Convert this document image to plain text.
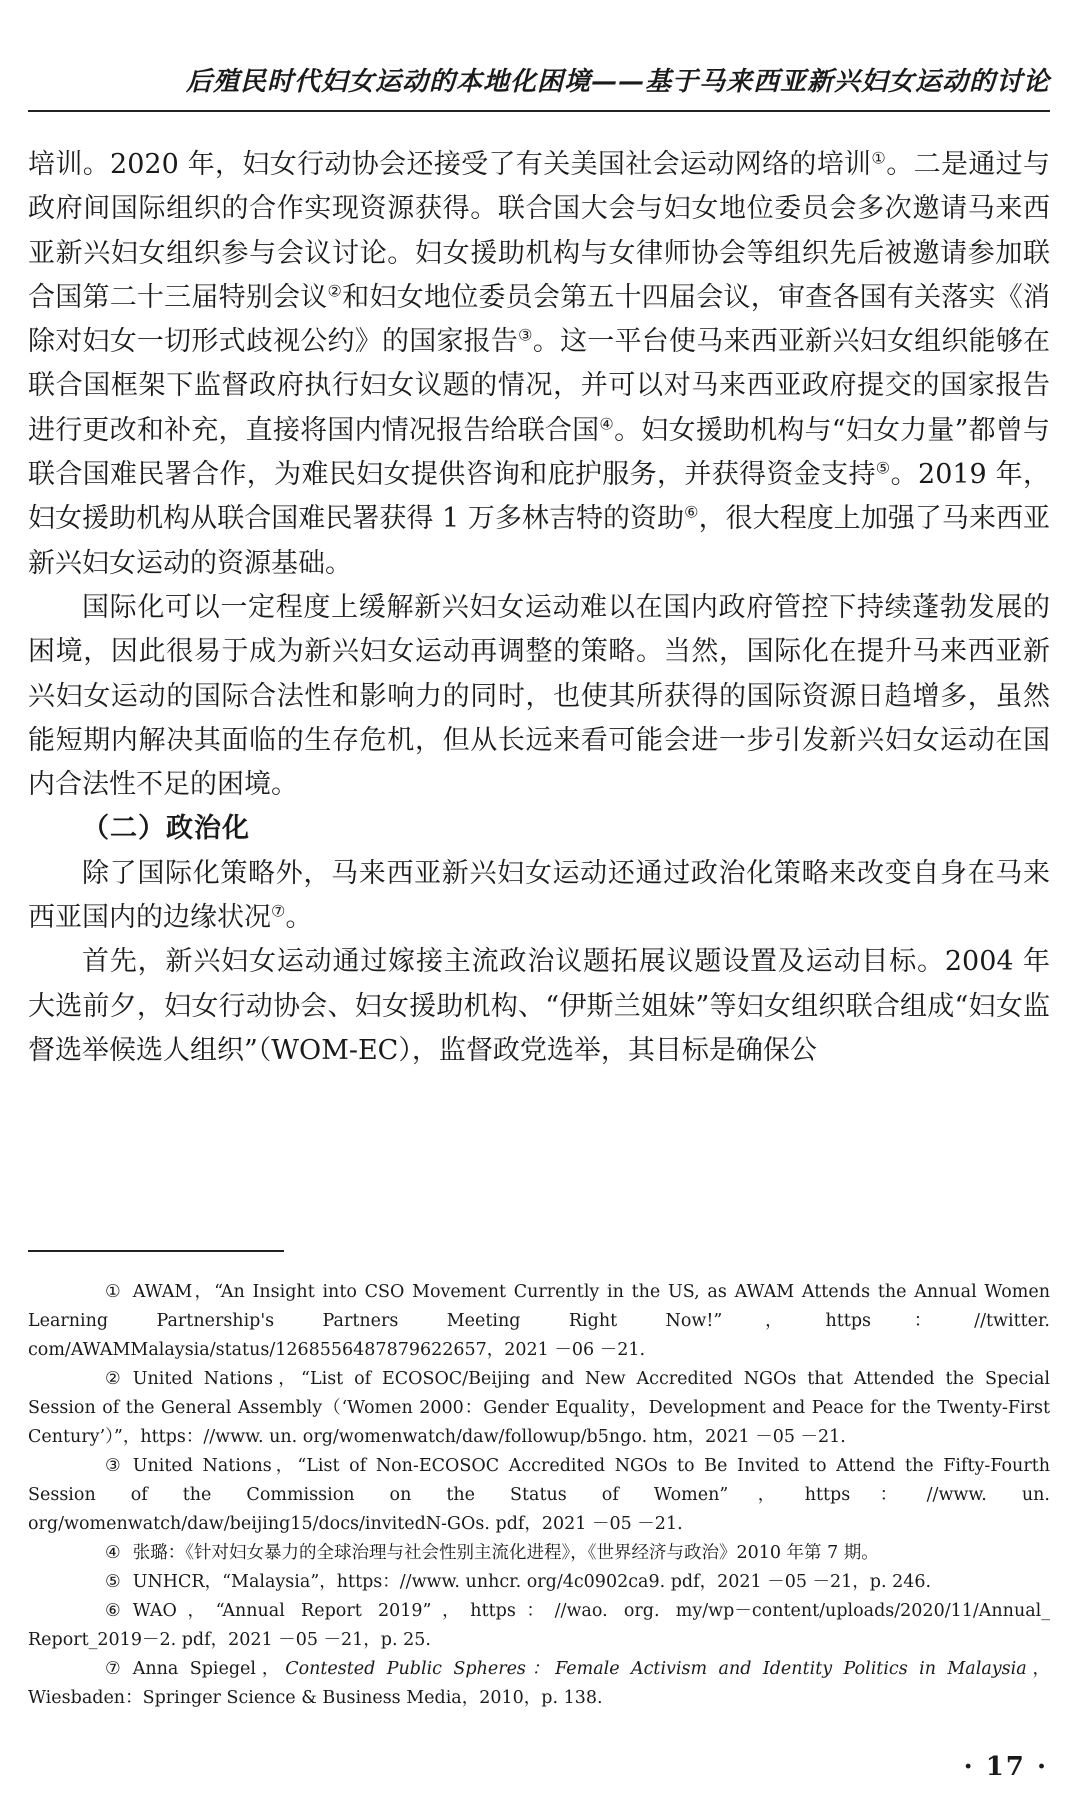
后殖民时代妇女运动的本地化困境——基于马来西亚新兴妇女运动的讨论

培训。2020 年，妇女行动协会还接受了有关美国社会运动网络的培训①。二是通过与政府间国际组织的合作实现资源获得。联合国大会与妇女地位委员会多次邀请马来西亚新兴妇女组织参与会议讨论。妇女援助机构与女律师协会等组织先后被邀请参加联合国第二十三届特别会议②和妇女地位委员会第五十四届会议，审查各国有关落实《消除对妇女一切形式歧视公约》的国家报告③。这一平台使马来西亚新兴妇女组织能够在联合国框架下监督政府执行妇女议题的情况，并可以对马来西亚政府提交的国家报告进行更改和补充，直接将国内情况报告给联合国④。妇女援助机构与“妇女力量”都曾与联合国难民署合作，为难民妇女提供咨询和庇护服务，并获得资金支持⑤。2019 年，妇女援助机构从联合国难民署获得 1 万多林吉特的资助⑥，很大程度上加强了马来西亚新兴妇女运动的资源基础。

国际化可以一定程度上缓解新兴妇女运动难以在国内政府管控下持续蓬勃发展的困境，因此很易于成为新兴妇女运动再调整的策略。当然，国际化在提升马来西亚新兴妇女运动的国际合法性和影响力的同时，也使其所获得的国际资源日趋增多，虽然能短期内解决其面临的生存危机，但从长远来看可能会进一步引发新兴妇女运动在国内合法性不足的困境。

（二）政治化

除了国际化策略外，马来西亚新兴妇女运动还通过政治化策略来改变自身在马来西亚国内的边缘状况⑦。

首先，新兴妇女运动通过嫁接主流政治议题拓展议题设置及运动目标。2004 年大选前夕，妇女行动协会、妇女援助机构、“伊斯兰姐妹”等妇女组织联合组成“妇女监督选举候选人组织”（WOM-EC），监督政党选举，其目标是确保公

① AWAM，“An Insight into CSO Movement Currently in the US, as AWAM Attends the Annual Women Learning Partnership's Partners Meeting Right Now!”，https：//twitter. com/AWAMMalaysia/status/1268556487879622657，2021 －06 －21.

② United Nations，“List of ECOSOC/Beijing and New Accredited NGOs that Attended the Special Session of the General Assembly（‘Women 2000：Gender Equality，Development and Peace for the Twenty-First Century’）”，https：//www. un. org/womenwatch/daw/followup/b5ngo. htm，2021 －05 －21.

③ United Nations，“List of Non-ECOSOC Accredited NGOs to Be Invited to Attend the Fifty-Fourth Session of the Commission on the Status of Women”，https：//www. un. org/womenwatch/daw/beijing15/docs/invitedN-GOs. pdf，2021 －05 －21.

④ 张璐：《针对妇女暴力的全球治理与社会性别主流化进程》，《世界经济与政治》2010 年第 7 期。

⑤ UNHCR，“Malaysia”，https：//www. unhcr. org/4c0902ca9. pdf，2021 －05 －21，p. 246.

⑥ WAO，“Annual Report 2019”，https：//wao. org. my/wp－content/uploads/2020/11/Annual_ Report_2019－2. pdf，2021 －05 －21，p. 25.

⑦ Anna Spiegel，Contested Public Spheres：Female Activism and Identity Politics in Malaysia，Wiesbaden：Springer Science & Business Media，2010，p. 138.

· 17 ·
